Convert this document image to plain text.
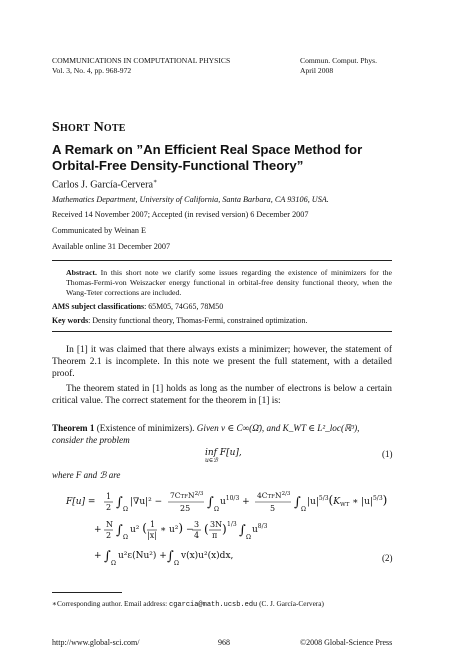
COMMUNICATIONS IN COMPUTATIONAL PHYSICS
Vol. 3, No. 4, pp. 968-972
Commun. Comput. Phys.
April 2008
Short Note
A Remark on ”An Efficient Real Space Method for Orbital-Free Density-Functional Theory”
Carlos J. García-Cervera∗
Mathematics Department, University of California, Santa Barbara, CA 93106, USA.
Received 14 November 2007; Accepted (in revised version) 6 December 2007
Communicated by Weinan E
Available online 31 December 2007
Abstract. In this short note we clarify some issues regarding the existence of minimizers for the Thomas-Fermi-von Weiszacker energy functional in orbital-free density functional theory, when the Wang-Teter corrections are included.
AMS subject classifications: 65M05, 74G65, 78M50
Key words: Density functional theory, Thomas-Fermi, constrained optimization.
In [1] it was claimed that there always exists a minimizer; however, the statement of Theorem 2.1 is incomplete. In this note we present the full statement, with a detailed proof.
The theorem stated in [1] holds as long as the number of electrons is below a certain critical value. The correct statement for the theorem in [1] is:
Theorem 1 (Existence of minimizers). Given v ∈ C∞(Ω̄), and K_WT ∈ L²_loc(ℝ³), consider the problem
inf F[u],
u∈ℬ
(1)
where F and ℬ are
F[u] =
1
2 ∫ Ω
|∇u|² −
$7CTFN^{2/3}$
25 ∫ Ω
$u^{10/3}$ +
$4CTFN^{2/3}$
5 ∫ Ω
$|u|^{5/3}(K_{WT}$ ∗ $|u|^{5/3}$)
+
N
2 ∫ Ω
u² ( 1
|x|
∗ u²) −
3
4 ( 3N
π ) 1/3 ∫ Ω
$u^{8/3}$
+ ∫ Ω
u²ε(Nu²) + ∫ Ω
v(x)u²(x)dx,	(2)
∗Corresponding author. Email address: cgarcia@math.ucsb.edu (C. J. García-Cervera)
http://www.global-sci.com/	968	©2008 Global-Science Press
